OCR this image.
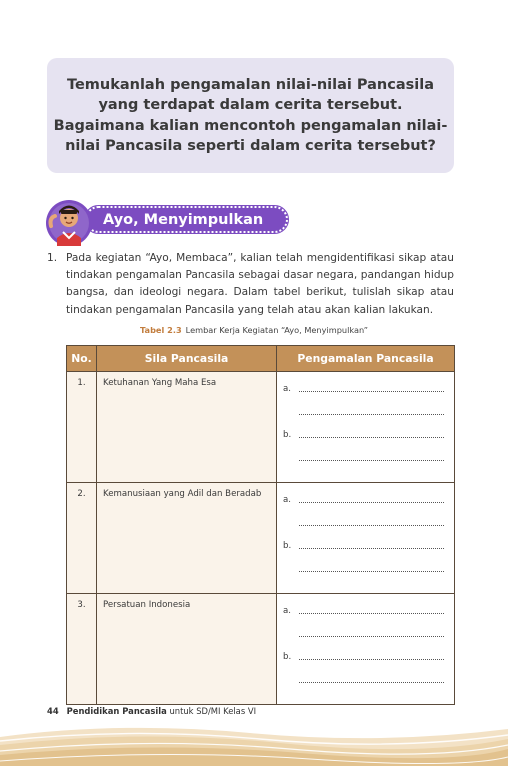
Temukanlah pengamalan nilai-nilai Pancasila
yang terdapat dalam cerita tersebut.
Bagaimana kalian mencontoh pengamalan nilai-
nilai Pancasila seperti dalam cerita tersebut?

Ayo, Menyimpulkan
1. Pada kegiatan “Ayo, Membaca”, kalian telah mengidentifikasi sikap atau tindakan pengamalan Pancasila sebagai dasar negara, pandangan hidup bangsa, dan ideologi negara. Dalam tabel berikut, tulislah sikap atau tindakan pengamalan Pancasila yang telah atau akan kalian lakukan.
Tabel 2.3 Lembar Kerja Kegiatan “Ayo, Menyimpulkan”
No.	Sila Pancasila	Pengamalan Pancasila
1.	Ketuhanan Yang Maha Esa	a.
b.

2.	Kemanusiaan yang Adil dan Beradab	a.
b.

3.	Persatuan Indonesia	a.
b.
44 Pendidikan Pancasila untuk SD/MI Kelas VI
